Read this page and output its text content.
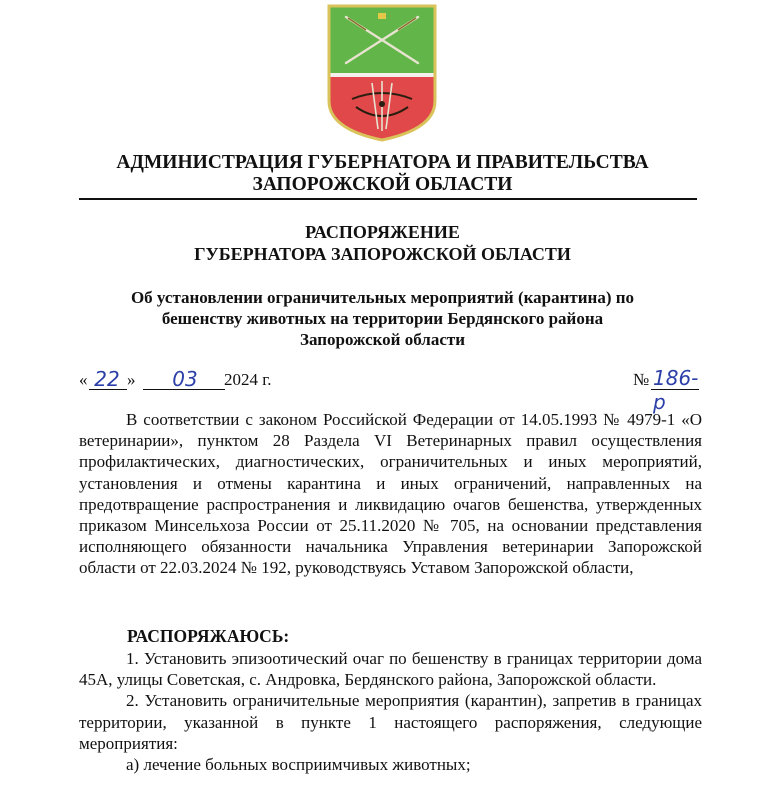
АДМИНИСТРАЦИЯ ГУБЕРНАТОРА И ПРАВИТЕЛЬСТВА
ЗАПОРОЖСКОЙ ОБЛАСТИ
РАСПОРЯЖЕНИЕ
ГУБЕРНАТОРА ЗАПОРОЖСКОЙ ОБЛАСТИ
Об установлении ограничительных мероприятий (карантина) по
бешенству животных на территории Бердянского района
Запорожской области
« 22 »	03	2024 г.	№ 186-р

В соответствии с законом Российской Федерации от 14.05.1993 № 4979-1 «О ветеринарии», пунктом 28 Раздела VI Ветеринарных правил осуществления профилактических, диагностических, ограничительных и иных мероприятий, установления и отмены карантина и иных ограничений, направленных на предотвращение распространения и ликвидацию очагов бешенства, утвержденных приказом Минсельхоза России от 25.11.2020 № 705, на основании представления исполняющего обязанности начальника Управления ветеринарии Запорожской области от 22.03.2024 № 192, руководствуясь Уставом Запорожской области,

РАСПОРЯЖАЮСЬ:

1. Установить эпизоотический очаг по бешенству в границах территории дома 45А, улицы Советская, с. Андровка, Бердянского района, Запорожской области.

2. Установить ограничительные мероприятия (карантин), запретив в границах территории, указанной в пункте 1 настоящего распоряжения, следующие мероприятия:

а) лечение больных восприимчивых животных;
